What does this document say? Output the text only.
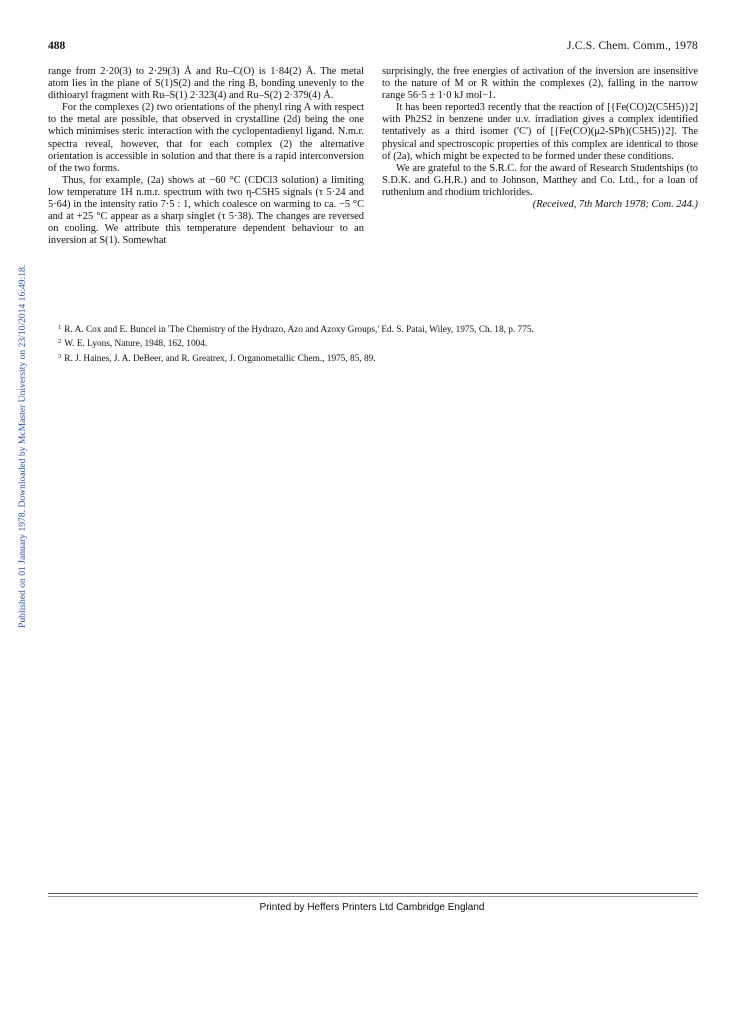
488	J.C.S. Chem. Comm., 1978
Published on 01 January 1978. Downloaded by McMaster University on 23/10/2014 16:49:18.

range from 2·20(3) to 2·29(3) Å and Ru–C(O) is 1·84(2) Å. The metal atom lies in the plane of S(1)S(2) and the ring B, bonding unevenly to the dithioaryl fragment with Ru–S(1) 2·323(4) and Ru–S(2) 2·379(4) Å.

For the complexes (2) two orientations of the phenyl ring A with respect to the metal are possible, that observed in crystalline (2d) being the one which minimises steric interaction with the cyclopentadienyl ligand. N.m.r. spectra reveal, however, that for each complex (2) the alternative orientation is accessible in solution and that there is a rapid interconversion of the two forms.

Thus, for example, (2a) shows at −60 °C (CDCl3 solution) a limiting low temperature 1H n.m.r. spectrum with two η-C5H5 signals (τ 5·24 and 5·64) in the intensity ratio 7·5 : 1, which coalesce on warming to ca. −5 °C and at +25 °C appear as a sharp singlet (τ 5·38). The changes are reversed on cooling. We attribute this temperature dependent behaviour to an inversion at S(1). Somewhat

surprisingly, the free energies of activation of the inversion are insensitive to the nature of M or R within the complexes (2), falling in the narrow range 56·5 ± 1·0 kJ mol−1.

It has been reported3 recently that the reaction of [{Fe(CO)2(C5H5)}2] with Ph2S2 in benzene under u.v. irradiation gives a complex identified tentatively as a third isomer ('C') of [{Fe(CO)(μ2-SPh)(C5H5)}2]. The physical and spectroscopic properties of this complex are identical to those of (2a), which might be expected to be formed under these conditions.

We are grateful to the S.R.C. for the award of Research Studentships (to S.D.K. and G.H.R.) and to Johnson, Matthey and Co. Ltd., for a loan of ruthenium and rhodium trichlorides.

(Received, 7th March 1978; Com. 244.)

$^1$ R. A. Cox and E. Buncel in 'The Chemistry of the Hydrazo, Azo and Azoxy Groups,' Ed. S. Patai, Wiley, 1975, Ch. 18, p. 775.
$^2$ W. E. Lyons, Nature, 1948, 162, 1004.
$^3$ R. J. Haines, J. A. DeBeer, and R. Greatrex, J. Organometallic Chem., 1975, 85, 89.
Printed by Heffers Printers Ltd Cambridge England
